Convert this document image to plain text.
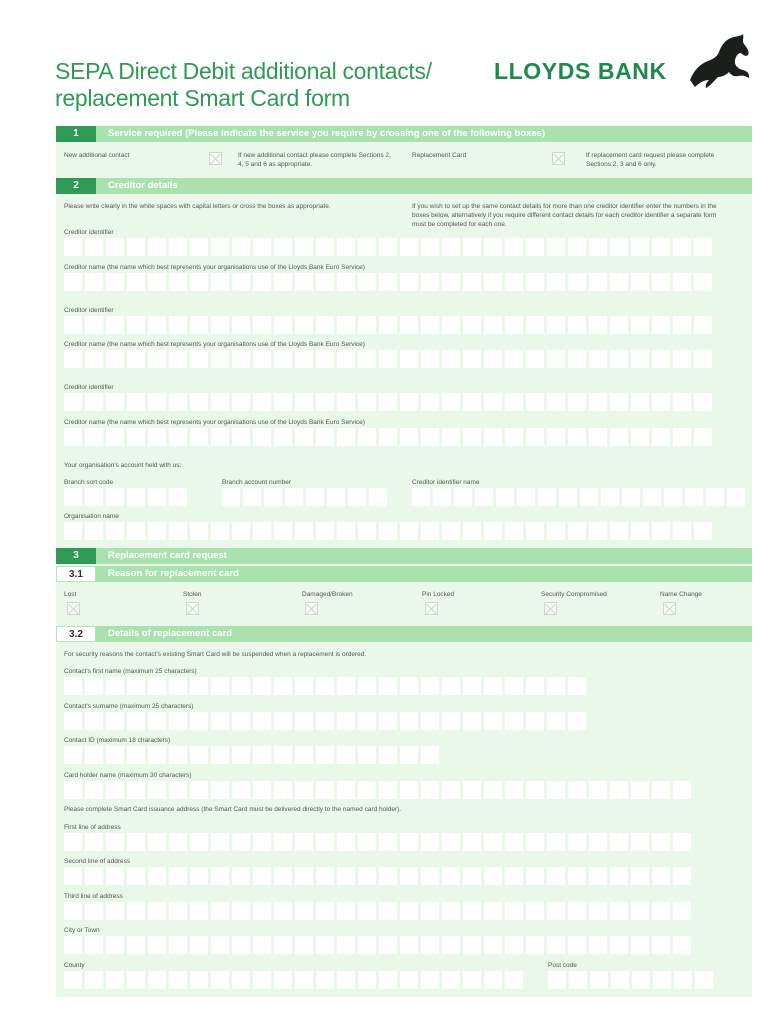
SEPA Direct Debit additional contacts/
replacement Smart Card form
LLOYDS BANK
1	Service required (Please indicate the service you require by crossing one of the following boxes)
New additional contact	If new additional contact please complete Sections 2, 4, 5 and 6 as appropriate.
Replacement Card	If replacement card request please complete Sections 2, 3 and 6 only.
2	Creditor details
Please write clearly in the white spaces with capital letters or cross the boxes as appropriate.	If you wish to set up the same contact details for more than one creditor identifier enter the numbers in the boxes below, alternatively if you require different contact details for each creditor identifier a separate form must be completed for each one.
Creditor identifier
Creditor name (the name which best represents your organisations use of the Lloyds Bank Euro Service)
Creditor identifier
Creditor name (the name which best represents your organisations use of the Lloyds Bank Euro Service)
Creditor identifier
Creditor name (the name which best represents your organisations use of the Lloyds Bank Euro Service)
Your organisation's account held with us:
Branch sort code	Branch account number	Creditor identifier name
Organisation name
3	Replacement card request
3.1	Reason for replacement card
Lost	Stolen	Damaged/Broken	Pin Locked	Security Compromised	Name Change
3.2	Details of replacement card
For security reasons the contact's existing Smart Card will be suspended when a replacement is ordered.
Contact's first name (maximum 25 characters)
Contact's surname (maximum 25 characters)
Contact ID (maximum 18 characters)
Card holder name (maximum 30 characters)
Please complete Smart Card issuance address (the Smart Card must be delivered directly to the named card holder).
First line of address
Second line of address
Third line of address
City or Town
County	Post code
